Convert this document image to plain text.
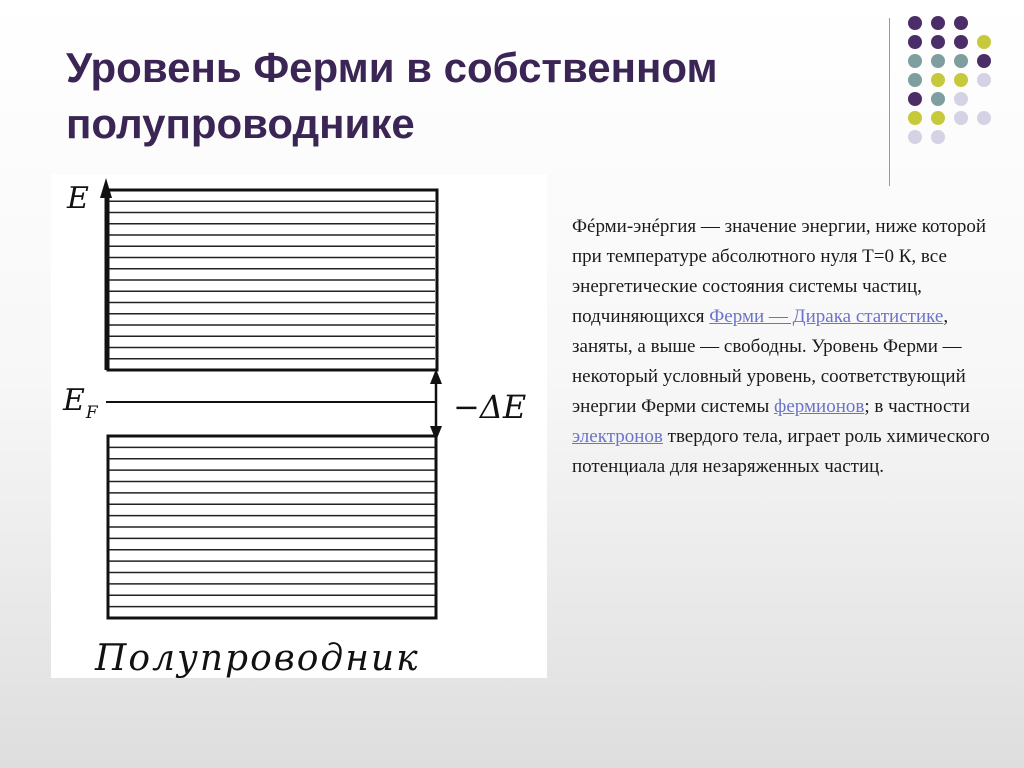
Уровень Ферми в собственном
полупроводнике
E
$E_F$	−ΔE
Полупроводник
Фéрми-энéргия — значение энергии, ниже которой при температуре абсолютного нуля T=0 К, все энергетические состояния системы частиц, подчиняющихся Ферми — Дирака статистике, заняты, а выше — свободны. Уровень Ферми — некоторый условный уровень, соответствующий энергии Ферми системы фермионов; в частности электронов твердого тела, играет роль химического потенциала для незаряженных частиц.
